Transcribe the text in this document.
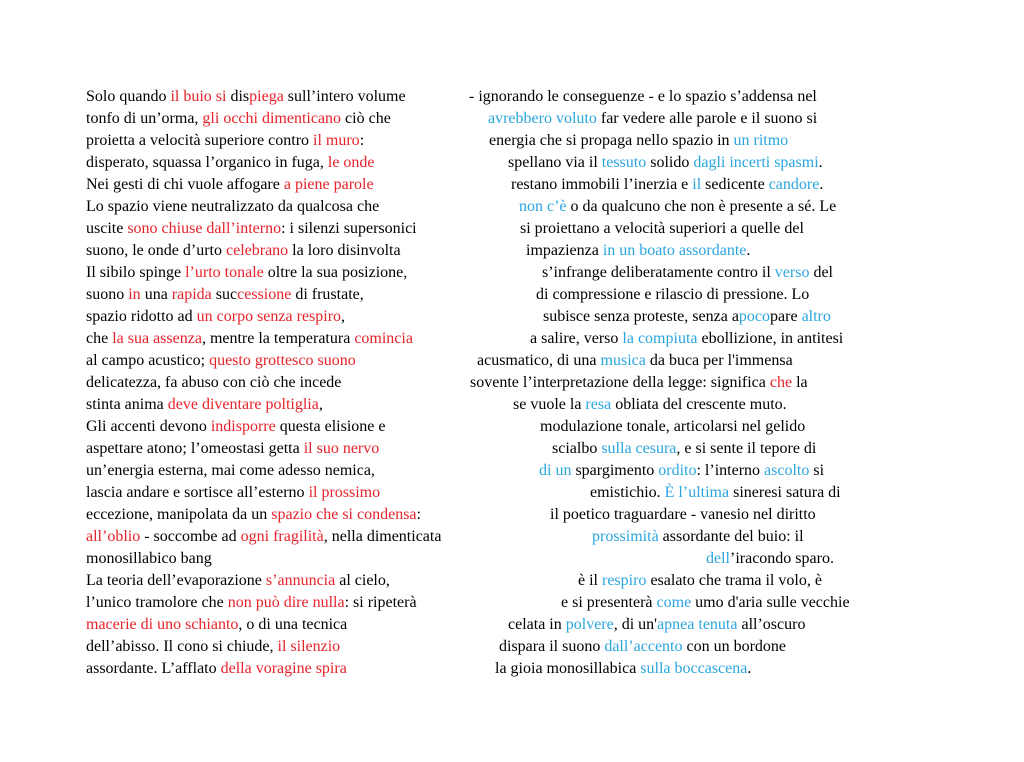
Solo quando il buio si dispiega sull’intero volume
tonfo di un’orma, gli occhi dimenticano ciò che
proietta a velocità superiore contro il muro:
disperato, squassa l’organico in fuga, le onde
Nei gesti di chi vuole affogare a piene parole
Lo spazio viene neutralizzato da qualcosa che
uscite sono chiuse dall’interno: i silenzi supersonici
suono, le onde d’urto celebrano la loro disinvolta
Il sibilo spinge l’urto tonale oltre la sua posizione,
suono in una rapida successione di frustate,
spazio ridotto ad un corpo senza respiro,
che la sua assenza, mentre la temperatura comincia
al campo acustico; questo grottesco suono
delicatezza, fa abuso con ciò che incede
stinta anima deve diventare poltiglia,
Gli accenti devono indisporre questa elisione e
aspettare atono; l’omeostasi getta il suo nervo
un’energia esterna, mai come adesso nemica,
lascia andare e sortisce all’esterno il prossimo
eccezione, manipolata da un spazio che si condensa:
all’oblio - soccombe ad ogni fragilità, nella dimenticata
monosillabico bang
La teoria dell’evaporazione s’annuncia al cielo,
l’unico tramolore che non può dire nulla: si ripeterà
macerie di uno schianto, o di una tecnica
dell’abisso. Il cono si chiude, il silenzio
assordante. L’afflato della voragine spira
- ignorando le conseguenze - e lo spazio s’addensa nel
avrebbero voluto far vedere alle parole e il suono si
energia che si propaga nello spazio in un ritmo
spellano via il tessuto solido dagli incerti spasmi.
restano immobili l’inerzia e il sedicente candore.
non c’è o da qualcuno che non è presente a sé. Le
si proiettano a velocità superiori a quelle del
impazienza in un boato assordante.
s’infrange deliberatamente contro il verso del
di compressione e rilascio di pressione. Lo
subisce senza proteste, senza apocopare altro
a salire, verso la compiuta ebollizione, in antitesi
acusmatico, di una musica da buca per l'immensa
sovente l’interpretazione della legge: significa che la
se vuole la resa obliata del crescente muto.
modulazione tonale, articolarsi nel gelido
scialbo sulla cesura, e si sente il tepore di
di un spargimento ordito: l’interno ascolto si
emistichio. È l’ultima sineresi satura di
il poetico traguardare - vanesio nel diritto
prossimità assordante del buio: il
dell’iracondo sparo.
è il respiro esalato che trama il volo, è
e si presenterà come umo d'aria sulle vecchie
celata in polvere, di un'apnea tenuta all’oscuro
dispara il suono dall’accento con un bordone
la gioia monosillabica sulla boccascena.
